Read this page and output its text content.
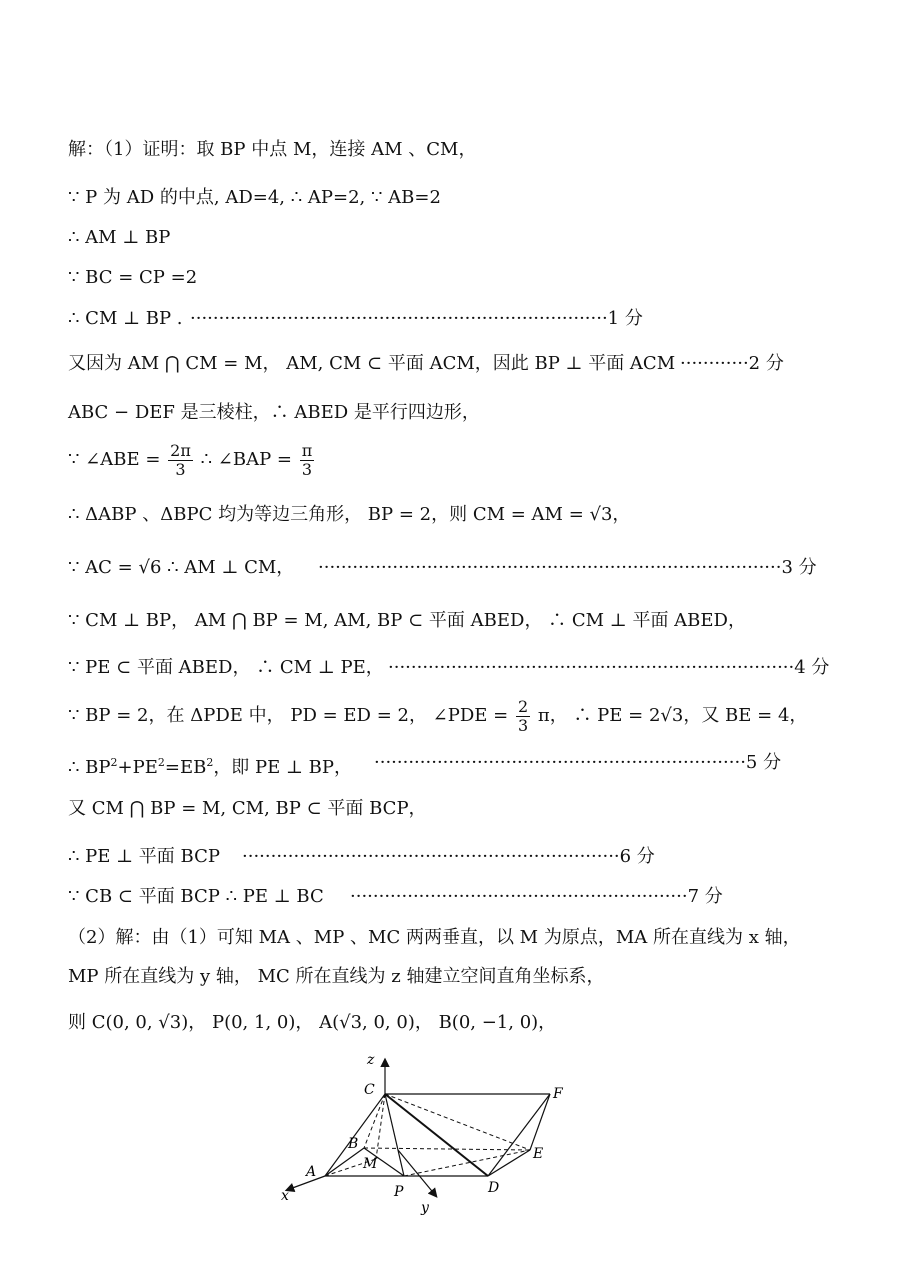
解：（1）证明：取 BP 中点 M，连接 AM 、CM，
∵ P 为 AD 的中点, AD=4, ∴ AP=2, ∵ AB=2
∴ AM ⊥ BP
∵ BC = CP =2
∴ CM ⊥ BP . ·········································································1 分
又因为 AM ⋂ CM = M， AM, CM ⊂ 平面 ACM，因此 BP ⊥ 平面 ACM ············2 分
ABC − DEF 是三棱柱，∴ ABED 是平行四边形，
∵ ∠ABE = $\frac{2\pi}{3}$ ∴ ∠BAP = $\frac{\pi}{3}$
∴ ΔABP 、ΔBPC 均为等边三角形， BP = 2，则 CM = AM = √3，
∵ AC = √6 ∴ AM ⊥ CM， ·················································································3 分
∵ CM ⊥ BP， AM ⋂ BP = M, AM, BP ⊂ 平面 ABED， ∴ CM ⊥ 平面 ABED，
∵ PE ⊂ 平面 ABED， ∴ CM ⊥ PE， ·······································································4 分
∵ BP = 2，在 ΔPDE 中， PD = ED = 2， ∠PDE = $\frac{2}{3}$ π， ∴ PE = 2√3，又 BE = 4，
∴ $BP^2+PE^2=EB^2$，即 PE ⊥ BP， ·································································5 分
又 CM ⋂ BP = M, CM, BP ⊂ 平面 BCP，
∴ PE ⊥ 平面 BCP ··································································6 分
∵ CB ⊂ 平面 BCP ∴ PE ⊥ BC ···························································7 分
（2）解：由（1）可知 MA 、MP 、MC 两两垂直，以 M 为原点，MA 所在直线为 x 轴，
MP 所在直线为 y 轴， MC 所在直线为 z 轴建立空间直角坐标系，
则 C(0, 0, √3)， P(0, 1, 0)， A(√3, 0, 0)， B(0, −1, 0)，
z
C	F
B
M
E
A
P	D
x
y
